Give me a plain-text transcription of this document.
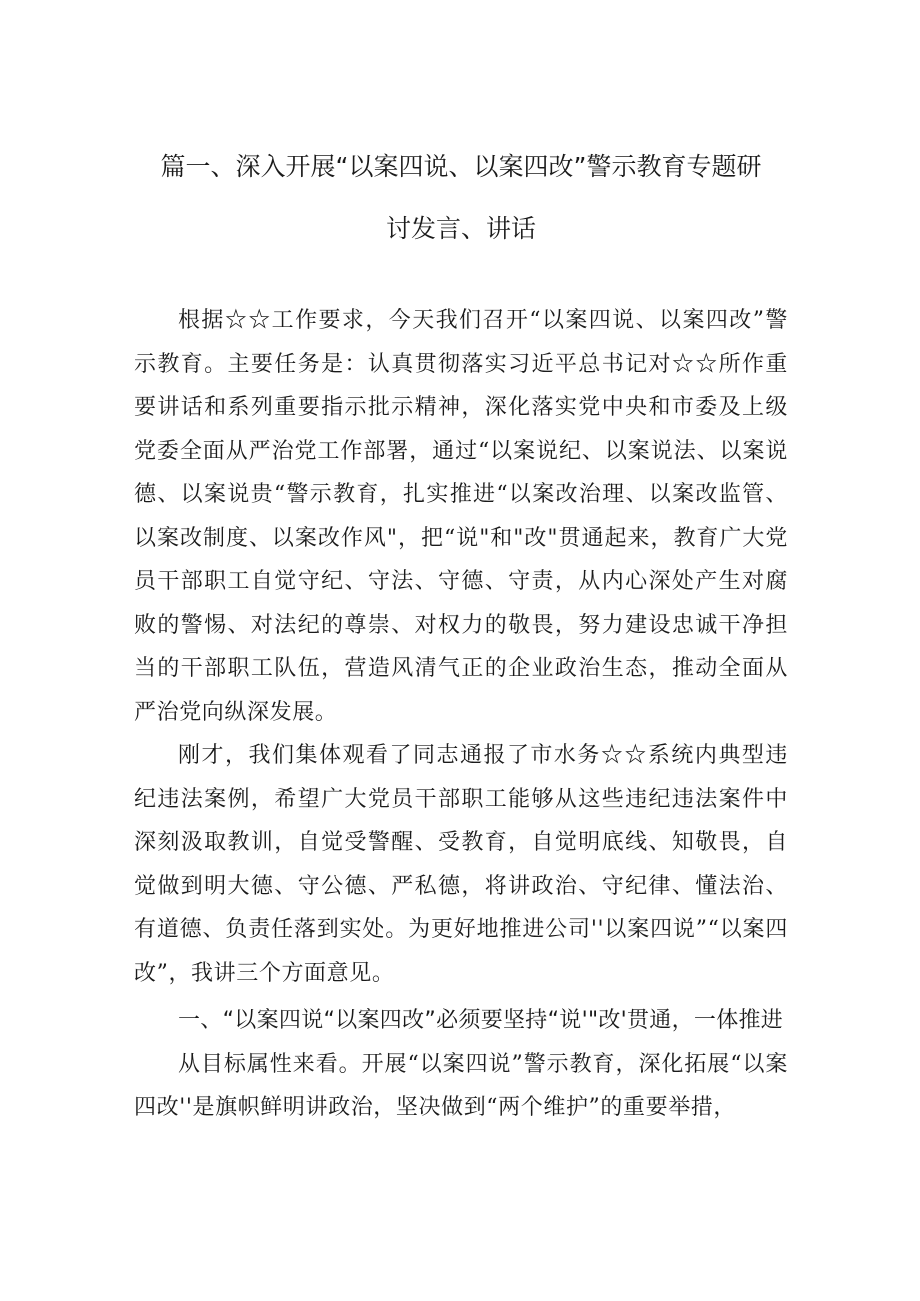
篇一、深入开展“以案四说、以案四改”警示教育专题研

讨发言、讲话

根据☆☆工作要求，今天我们召开“以案四说、以案四改”警示教育。主要任务是：认真贯彻落实习近平总书记对☆☆所作重要讲话和系列重要指示批示精神，深化落实党中央和市委及上级党委全面从严治党工作部署，通过“以案说纪、以案说法、以案说德、以案说贵“警示教育，扎实推进“以案改治理、以案改监管、以案改制度、以案改作风"，把“说"和"改"贯通起来，教育广大党员干部职工自觉守纪、守法、守德、守责，从内心深处产生对腐败的警惕、对法纪的尊崇、对权力的敬畏，努力建设忠诚干净担当的干部职工队伍，营造风清气正的企业政治生态，推动全面从严治党向纵深发展。

刚才，我们集体观看了同志通报了市水务☆☆系统内典型违纪违法案例，希望广大党员干部职工能够从这些违纪违法案件中深刻汲取教训，自觉受警醒、受教育，自觉明底线、知敬畏，自觉做到明大德、守公德、严私德，将讲政治、守纪律、懂法治、有道德、负责任落到实处。为更好地推进公司''以案四说”“以案四改”，我讲三个方面意见。

一、“以案四说“以案四改”必须要坚持“说'"改'贯通，一体推进

从目标属性来看。开展“以案四说”警示教育，深化拓展“以案四改''是旗帜鲜明讲政治，坚决做到“两个维护”的重要举措，
